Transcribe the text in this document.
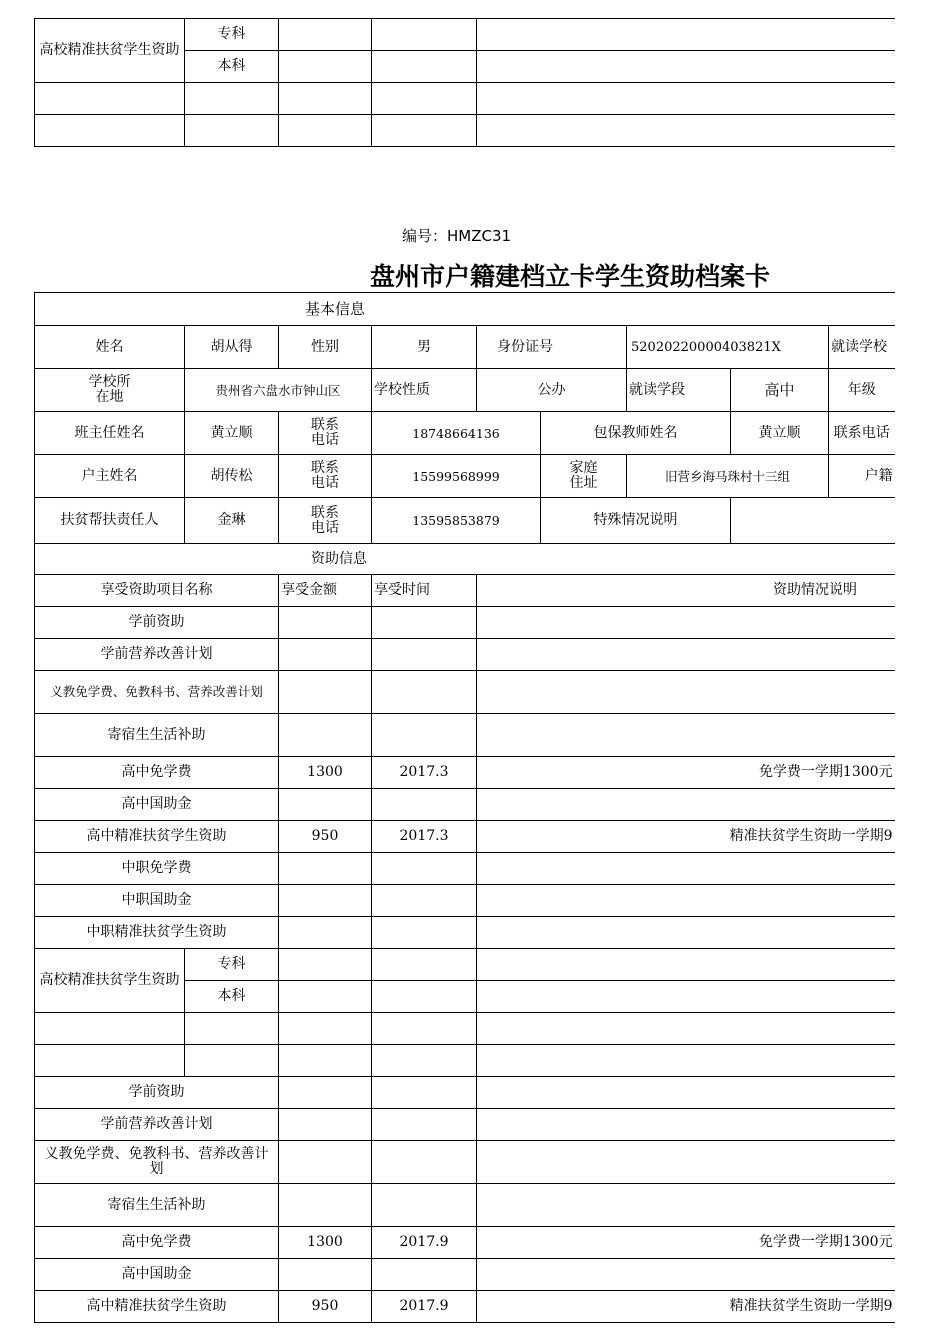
高校精准扶贫学生资助	专科			
	本科			

编号：HMZC31
盘州市户籍建档立卡学生资助档案卡
基本信息								
姓名	胡从得	性别	男	身份证号		52020220000403821X		就读学校
学校所在地	贵州省六盘水市钟山区		学校性质	公办		就读学段	高中	年级
班主任姓名	黄立顺	联系电话	18748664136		包保教师姓名		黄立顺	联系电话
户主姓名	胡传松	联系电话	15599568999		家庭住址	旧营乡海马珠村十三组		户籍
扶贫帮扶责任人	金琳	联系电话	13595853879		特殊情况说明			
资助信息								
享受资助项目名称		享受金额	享受时间	资助情况说明				
学前资助								
学前营养改善计划								
义教免学费、免教科书、营养改善计划								
寄宿生生活补助								
高中免学费		1300	2017.3	免学费一学期1300元				
高中国助金								
高中精准扶贫学生资助		950	2017.3	精准扶贫学生资助一学期9				
中职免学费								
中职国助金								
中职精准扶贫学生资助								
高校精准扶贫学生资助	专科							
	本科							

学前资助								
学前营养改善计划								
义教免学费、免教科书、营养改善计划								
寄宿生生活补助								
高中免学费		1300	2017.9	免学费一学期1300元				
高中国助金								
高中精准扶贫学生资助		950	2017.9	精准扶贫学生资助一学期9				
